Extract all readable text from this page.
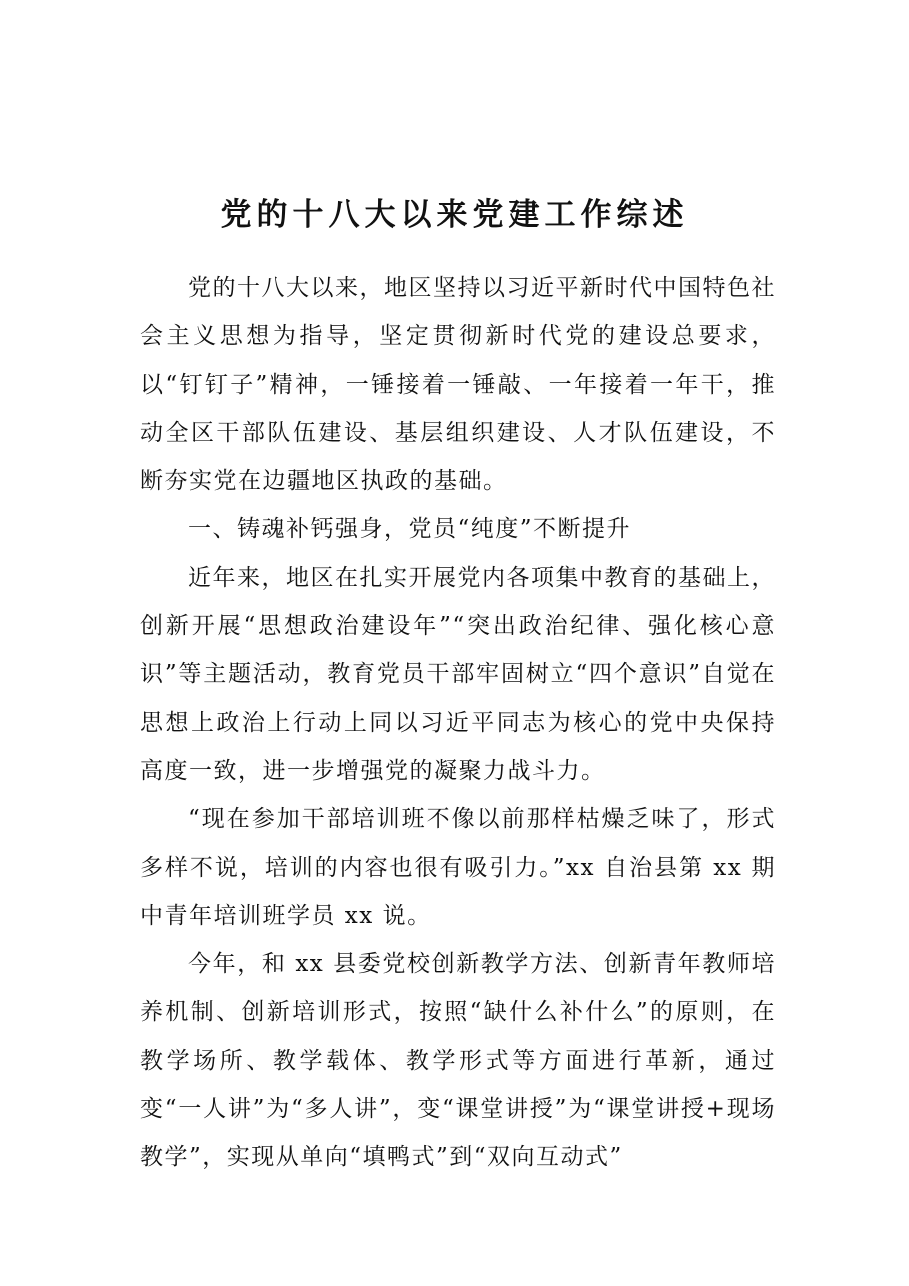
党的十八大以来党建工作综述

党的十八大以来，地区坚持以习近平新时代中国特色社会主义思想为指导，坚定贯彻新时代党的建设总要求，以“钉钉子”精神，一锤接着一锤敲、一年接着一年干，推动全区干部队伍建设、基层组织建设、人才队伍建设，不断夯实党在边疆地区执政的基础。

一、铸魂补钙强身，党员“纯度”不断提升

近年来，地区在扎实开展党内各项集中教育的基础上，创新开展“思想政治建设年”“突出政治纪律、强化核心意识”等主题活动，教育党员干部牢固树立“四个意识”自觉在思想上政治上行动上同以习近平同志为核心的党中央保持高度一致，进一步增强党的凝聚力战斗力。

“现在参加干部培训班不像以前那样枯燥乏味了，形式多样不说，培训的内容也很有吸引力。”xx 自治县第 xx 期中青年培训班学员 xx 说。

今年，和 xx 县委党校创新教学方法、创新青年教师培养机制、创新培训形式，按照“缺什么补什么”的原则，在教学场所、教学载体、教学形式等方面进行革新，通过变“一人讲”为“多人讲”，变“课堂讲授”为“课堂讲授+现场教学”，实现从单向“填鸭式”到“双向互动式”
